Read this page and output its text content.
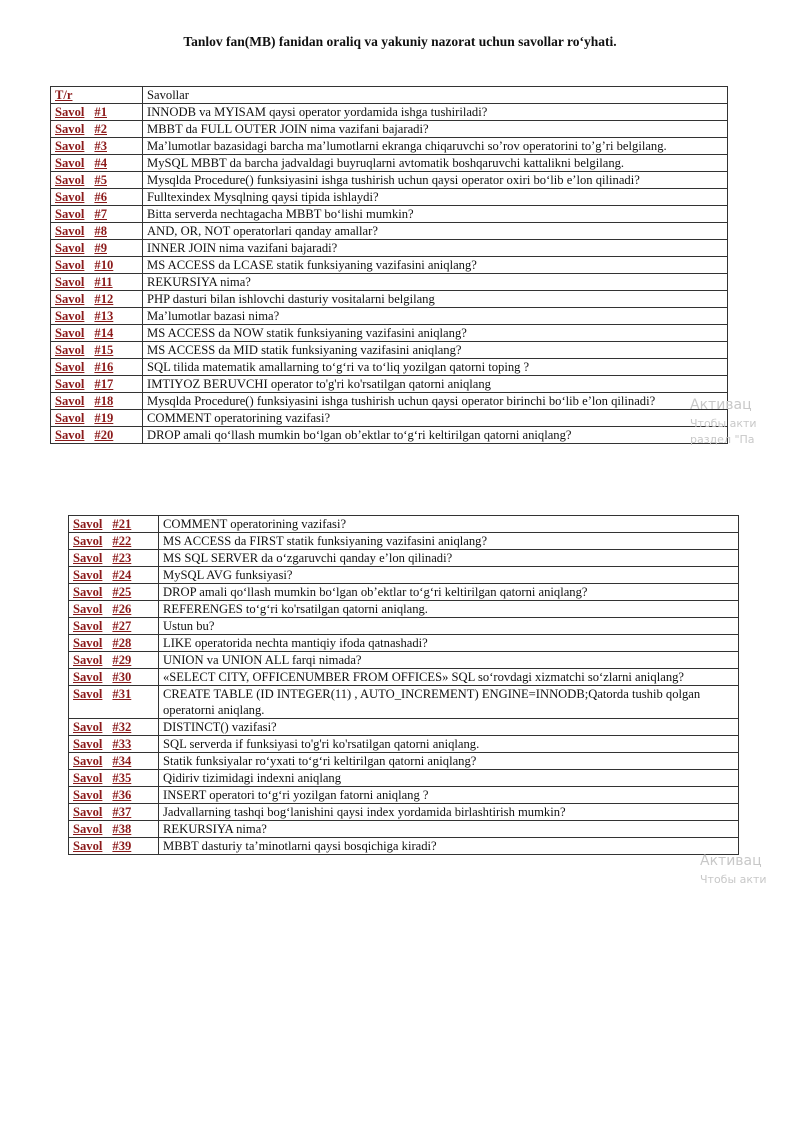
Tanlov fan(MB) fanidan oraliq va yakuniy nazorat uchun savollar ro‘yhati.
T/r	Savollar
Savol #1	INNODB va MYISAM qaysi operator yordamida ishga tushiriladi?
Savol #2	MBBT da FULL OUTER JOIN nima vazifani bajaradi?
Savol #3	Ma’lumotlar bazasidagi barcha ma’lumotlarni ekranga chiqaruvchi so’rov operatorini to’g’ri belgilang.
Savol #4	MySQL MBBT da barcha jadvaldagi buyruqlarni avtomatik boshqaruvchi kattalikni belgilang.
Savol #5	Mysqlda Procedure() funksiyasini ishga tushirish uchun qaysi operator oxiri bo‘lib e’lon qilinadi?
Savol #6	Fulltexindex Mysqlning qaysi tipida ishlaydi?
Savol #7	Bitta serverda nechtagacha MBBT bo‘lishi mumkin?
Savol #8	AND, OR, NOT operatorlari qanday amallar?
Savol #9	INNER JOIN nima vazifani bajaradi?
Savol #10	MS ACCESS da LCASE statik funksiyaning vazifasini aniqlang?
Savol #11	REKURSIYA nima?
Savol #12	PHP dasturi bilan ishlovchi dasturiy vositalarni belgilang
Savol #13	Ma’lumotlar bazasi nima?
Savol #14	MS ACCESS da NOW statik funksiyaning vazifasini aniqlang?
Savol #15	MS ACCESS da MID statik funksiyaning vazifasini aniqlang?
Savol #16	SQL tilida matematik amallarning to‘g‘ri va to‘liq yozilgan qatorni toping ?
Savol #17	IMTIYOZ BERUVCHI operator to'g'ri ko'rsatilgan qatorni aniqlang
Savol #18	Mysqlda Procedure() funksiyasini ishga tushirish uchun qaysi operator birinchi bo‘lib e’lon qilinadi?
Savol #19	COMMENT operatorining vazifasi?
Savol #20	DROP amali qo‘llash mumkin bo‘lgan ob’ektlar to‘g‘ri keltirilgan qatorni aniqlang?
Savol #21	COMMENT operatorining vazifasi?
Savol #22	MS ACCESS da FIRST statik funksiyaning vazifasini aniqlang?
Savol #23	MS SQL SERVER da o‘zgaruvchi qanday e’lon qilinadi?
Savol #24	MySQL AVG funksiyasi?
Savol #25	DROP amali qo‘llash mumkin bo‘lgan ob’ektlar to‘g‘ri keltirilgan qatorni aniqlang?
Savol #26	REFERENGES to‘g‘ri ko'rsatilgan qatorni aniqlang.
Savol #27	Ustun bu?
Savol #28	LIKE operatorida nechta mantiqiy ifoda qatnashadi?
Savol #29	UNION va UNION ALL farqi nimada?
Savol #30	«SELECT CITY, OFFICENUMBER FROM OFFICES» SQL so‘rovdagi xizmatchi so‘zlarni aniqlang?
Savol #31	CREATE TABLE (ID INTEGER(11) , AUTO_INCREMENT) ENGINE=INNODB;Qatorda tushib qolgan operatorni aniqlang.
Savol #32	DISTINCT() vazifasi?
Savol #33	SQL serverda if funksiyasi to'g'ri ko'rsatilgan qatorni aniqlang.
Savol #34	Statik funksiyalar ro‘yxati to‘g‘ri keltirilgan qatorni aniqlang?
Savol #35	Qidiriv tizimidagi indexni aniqlang
Savol #36	INSERT operatori to‘g‘ri yozilgan fatorni aniqlang ?
Savol #37	Jadvallarning tashqi bog‘lanishini qaysi index yordamida birlashtirish mumkin?
Savol #38	REKURSIYA nima?
Savol #39	MBBT dasturiy ta’minotlarni qaysi bosqichiga kiradi?
Активац
Чтобы акти
раздел "Па
Активац
Чтобы акти
